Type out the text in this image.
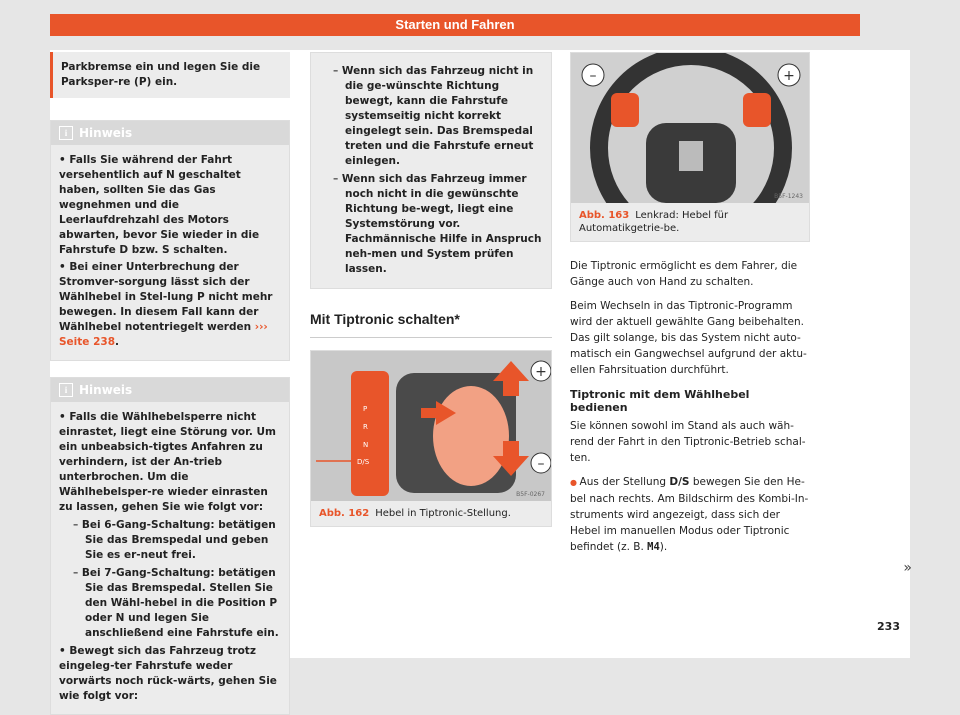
Starten und Fahren
Parkbremse ein und legen Sie die Parksper-re (P) ein.
i Hinweis
• Falls Sie während der Fahrt versehentlich auf N geschaltet haben, sollten Sie das Gas wegnehmen und die Leerlaufdrehzahl des Motors abwarten, bevor Sie wieder in die Fahrstufe D bzw. S schalten.
• Bei einer Unterbrechung der Stromver-sorgung lässt sich der Wählhebel in Stel-lung P nicht mehr bewegen. In diesem Fall kann der Wählhebel notentriegelt werden ››› Seite 238.
i Hinweis
• Falls die Wählhebelsperre nicht einrastet, liegt eine Störung vor. Um ein unbeabsich-tigtes Anfahren zu verhindern, ist der An-trieb unterbrochen. Um die Wählhebelsper-re wieder einrasten zu lassen, gehen Sie wie folgt vor:
– Bei 6-Gang-Schaltung: betätigen Sie das Bremspedal und geben Sie es er-neut frei.
– Bei 7-Gang-Schaltung: betätigen Sie das Bremspedal. Stellen Sie den Wähl-hebel in die Position P oder N und legen Sie anschließend eine Fahrstufe ein.
• Bewegt sich das Fahrzeug trotz eingeleg-ter Fahrstufe weder vorwärts noch rück-wärts, gehen Sie wie folgt vor:
– Wenn sich das Fahrzeug nicht in die ge-wünschte Richtung bewegt, kann die Fahrstufe systemseitig nicht korrekt eingelegt sein. Das Bremspedal treten und die Fahrstufe erneut einlegen.
– Wenn sich das Fahrzeug immer noch nicht in die gewünschte Richtung be-wegt, liegt eine Systemstörung vor. Fachmännische Hilfe in Anspruch neh-men und System prüfen lassen.
Mit Tiptronic schalten*
+
–
P
R
N
D/S
B5F-0267
Abb. 162 Hebel in Tiptronic-Stellung.
–	+
B5F-1243
Abb. 163 Lenkrad: Hebel für Automatikgetrie-be.

Die Tiptronic ermöglicht es dem Fahrer, die Gänge auch von Hand zu schalten.

Beim Wechseln in das Tiptronic-Programm wird der aktuell gewählte Gang beibehalten. Das gilt solange, bis das System nicht auto-matisch ein Gangwechsel aufgrund der aktu-ellen Fahrsituation durchführt.

Tiptronic mit dem Wählhebel bedienen

Sie können sowohl im Stand als auch wäh-rend der Fahrt in den Tiptronic-Betrieb schal-ten.

● Aus der Stellung D/S bewegen Sie den He-bel nach rechts. Am Bildschirm des Kombi-In-struments wird angezeigt, dass sich der Hebel im manuellen Modus oder Tiptronic befindet (z. B. M4).

»
233
